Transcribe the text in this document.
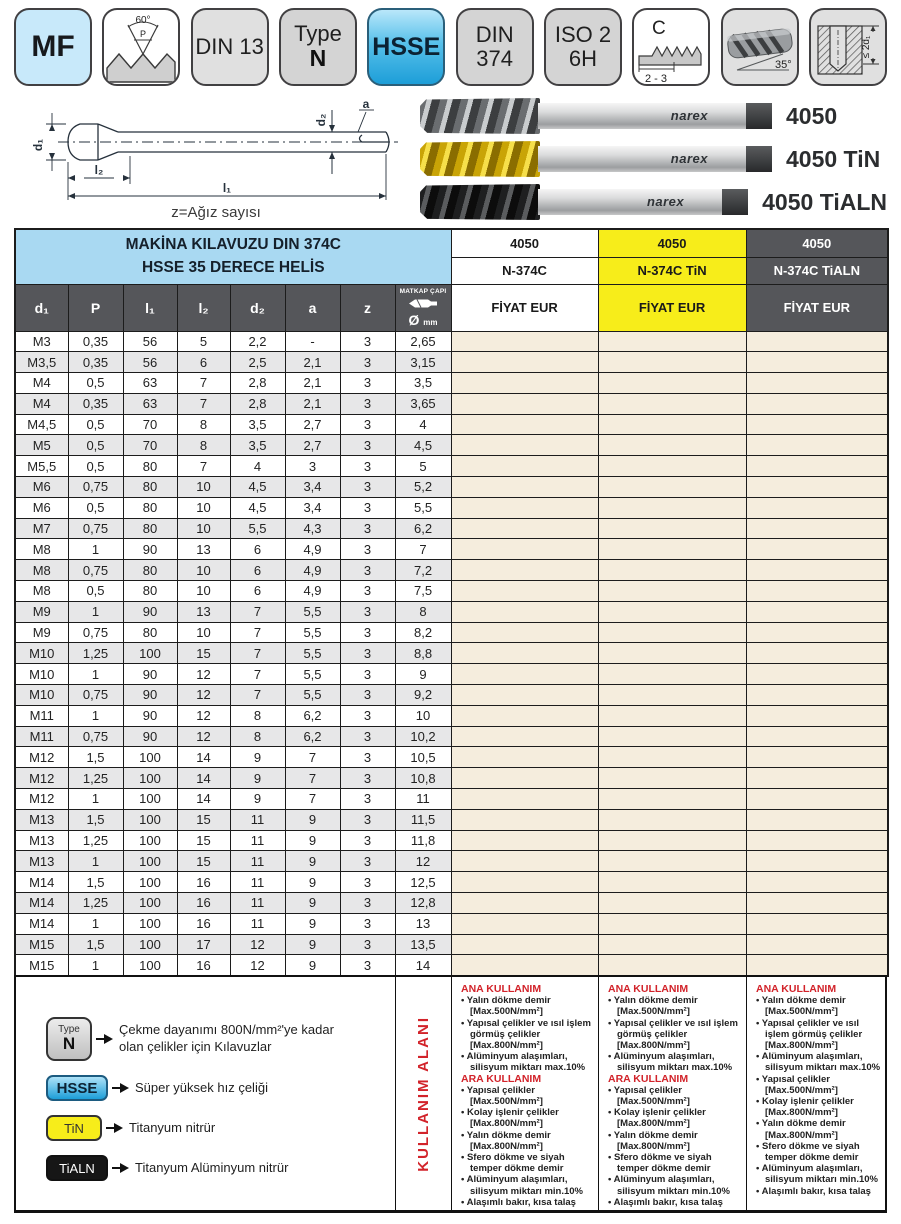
MF
60°
P DIN 13
Type
N HSSE DIN
374
ISO 2
6H
C
2 - 3
35°
≤ 2d₁
d₁
l₂
l₁
d₂
a
z=Ağız sayısı
narex	4050
narex	4050 TiN
narex	4050 TiALN
MAKİNA KILAVUZU DIN 374C
HSSE 35 DERECE HELİS								4050	4050	4050
								N-374C	N-374C TiN	N-374C TiALN
d₁	P	l₁	l₂	d₂	a	z	MATKAP ÇAPI
Ø mm	FİYAT EUR	FİYAT EUR	FİYAT EUR
M3	0,35	56	5	2,2	-	3	2,65			
M3,5	0,35	56	6	2,5	2,1	3	3,15			
M4	0,5	63	7	2,8	2,1	3	3,5			
M4	0,35	63	7	2,8	2,1	3	3,65			
M4,5	0,5	70	8	3,5	2,7	3	4			
M5	0,5	70	8	3,5	2,7	3	4,5			
M5,5	0,5	80	7	4	3	3	5			
M6	0,75	80	10	4,5	3,4	3	5,2			
M6	0,5	80	10	4,5	3,4	3	5,5			
M7	0,75	80	10	5,5	4,3	3	6,2			
M8	1	90	13	6	4,9	3	7			
M8	0,75	80	10	6	4,9	3	7,2			
M8	0,5	80	10	6	4,9	3	7,5			
M9	1	90	13	7	5,5	3	8			
M9	0,75	80	10	7	5,5	3	8,2			
M10	1,25	100	15	7	5,5	3	8,8			
M10	1	90	12	7	5,5	3	9			
M10	0,75	90	12	7	5,5	3	9,2			
M11	1	90	12	8	6,2	3	10			
M11	0,75	90	12	8	6,2	3	10,2			
M12	1,5	100	14	9	7	3	10,5			
M12	1,25	100	14	9	7	3	10,8			
M12	1	100	14	9	7	3	11			
M13	1,5	100	15	11	9	3	11,5			
M13	1,25	100	15	11	9	3	11,8			
M13	1	100	15	11	9	3	12			
M14	1,5	100	16	11	9	3	12,5			
M14	1,25	100	16	11	9	3	12,8			
M14	1	100	16	11	9	3	13			
M15	1,5	100	17	12	9	3	13,5			
M15	1	100	16	12	9	3	14			
Type
N
Çekme dayanımı 800N/mm²'ye kadar olan çelikler için Kılavuzlar
HSSE	Süper yüksek hız çeliği
TiN	Titanyum nitrür
TiALN	Titanyum Alüminyum nitrür	KULLANIM ALANI
ANA KULLANIM
• Yalın dökme demir [Max.500N/mm²]
• Yapısal çelikler ve ısıl işlem görmüş çelikler [Max.800N/mm²]
• Alüminyum alaşımları, silisyum miktarı max.10%
ARA KULLANIM
• Yapısal çelikler [Max.500N/mm²]
• Kolay işlenir çelikler [Max.800N/mm²]
• Yalın dökme demir [Max.800N/mm²]
• Sfero dökme ve siyah temper dökme demir
• Alüminyum alaşımları, silisyum miktarı min.10%
• Alaşımlı bakır, kısa talaş
ANA KULLANIM
• Yalın dökme demir [Max.500N/mm²]
• Yapısal çelikler ve ısıl işlem görmüş çelikler [Max.800N/mm²]
• Alüminyum alaşımları, silisyum miktarı max.10%
ARA KULLANIM
• Yapısal çelikler [Max.500N/mm²]
• Kolay işlenir çelikler [Max.800N/mm²]
• Yalın dökme demir [Max.800N/mm²]
• Sfero dökme ve siyah temper dökme demir
• Alüminyum alaşımları, silisyum miktarı min.10%
• Alaşımlı bakır, kısa talaş
ANA KULLANIM
• Yalın dökme demir [Max.500N/mm²]
• Yapısal çelikler ve ısıl işlem görmüş çelikler [Max.800N/mm²]
• Alüminyum alaşımları, silisyum miktarı max.10%
• Yapısal çelikler [Max.500N/mm²]
• Kolay işlenir çelikler [Max.800N/mm²]
• Yalın dökme demir [Max.800N/mm²]
• Sfero dökme ve siyah temper dökme demir
• Alüminyum alaşımları, silisyum miktarı min.10%
• Alaşımlı bakır, kısa talaş
